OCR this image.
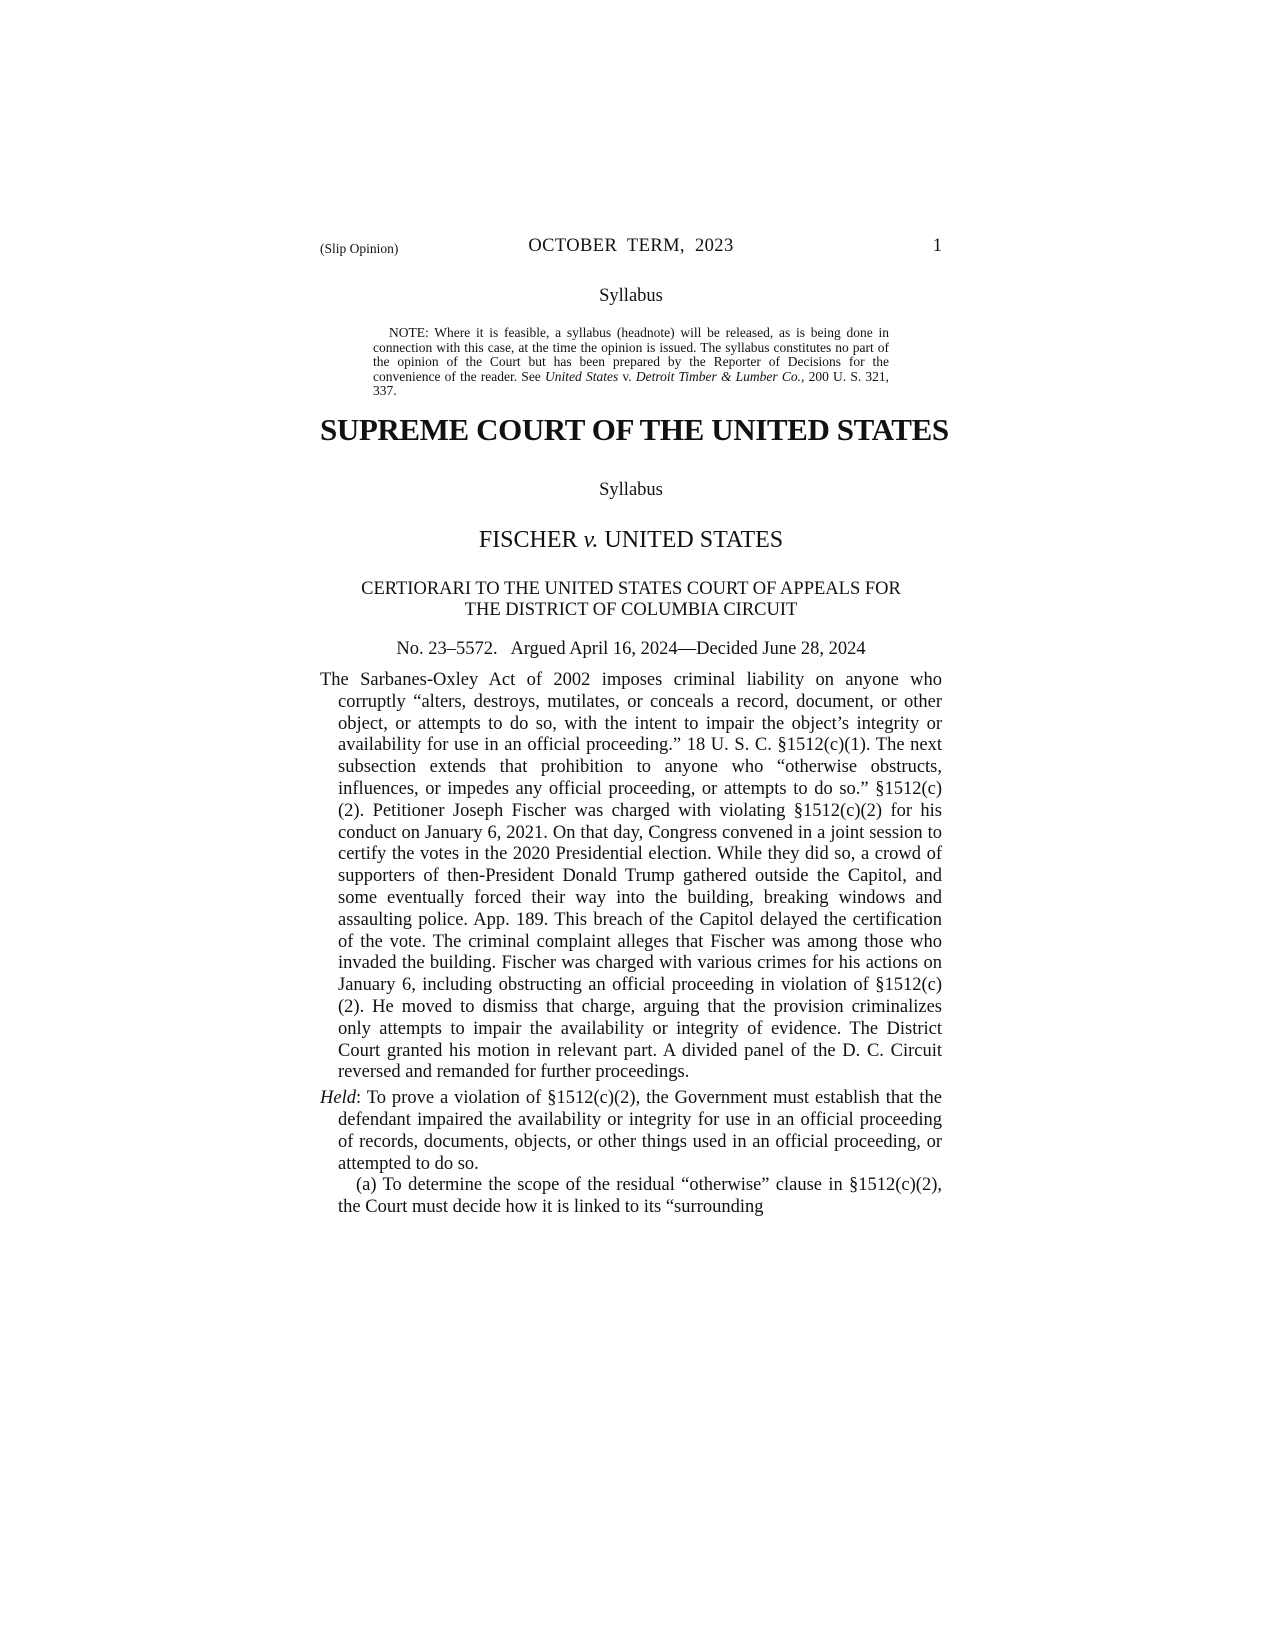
(Slip Opinion)	OCTOBER  TERM,  2023	1
Syllabus
NOTE: Where it is feasible, a syllabus (headnote) will be released, as is being done in connection with this case, at the time the opinion is issued. The syllabus constitutes no part of the opinion of the Court but has been prepared by the Reporter of Decisions for the convenience of the reader. See United States v. Detroit Timber & Lumber Co., 200 U. S. 321, 337.
SUPREME COURT OF THE UNITED STATES
Syllabus
FISCHER v. UNITED STATES
CERTIORARI TO THE UNITED STATES COURT OF APPEALS FOR
THE DISTRICT OF COLUMBIA CIRCUIT
No. 23–5572. Argued April 16, 2024—Decided June 28, 2024

The Sarbanes-Oxley Act of 2002 imposes criminal liability on anyone who corruptly “alters, destroys, mutilates, or conceals a record, document, or other object, or attempts to do so, with the intent to impair the object’s integrity or availability for use in an official proceeding.” 18 U. S. C. §1512(c)(1). The next subsection extends that prohibition to anyone who “otherwise obstructs, influences, or impedes any official proceeding, or attempts to do so.” §1512(c)(2). Petitioner Joseph Fischer was charged with violating §1512(c)(2) for his conduct on January 6, 2021. On that day, Congress convened in a joint session to certify the votes in the 2020 Presidential election. While they did so, a crowd of supporters of then-President Donald Trump gathered outside the Capitol, and some eventually forced their way into the building, breaking windows and assaulting police. App. 189. This breach of the Capitol delayed the certification of the vote. The criminal complaint alleges that Fischer was among those who invaded the building. Fischer was charged with various crimes for his actions on January 6, including obstructing an official proceeding in violation of §1512(c)(2). He moved to dismiss that charge, arguing that the provision criminalizes only attempts to impair the availability or integrity of evidence. The District Court granted his motion in relevant part. A divided panel of the D. C. Circuit reversed and remanded for further proceedings.

Held: To prove a violation of §1512(c)(2), the Government must establish that the defendant impaired the availability or integrity for use in an official proceeding of records, documents, objects, or other things used in an official proceeding, or attempted to do so.

(a) To determine the scope of the residual “otherwise” clause in §1512(c)(2), the Court must decide how it is linked to its “surrounding
